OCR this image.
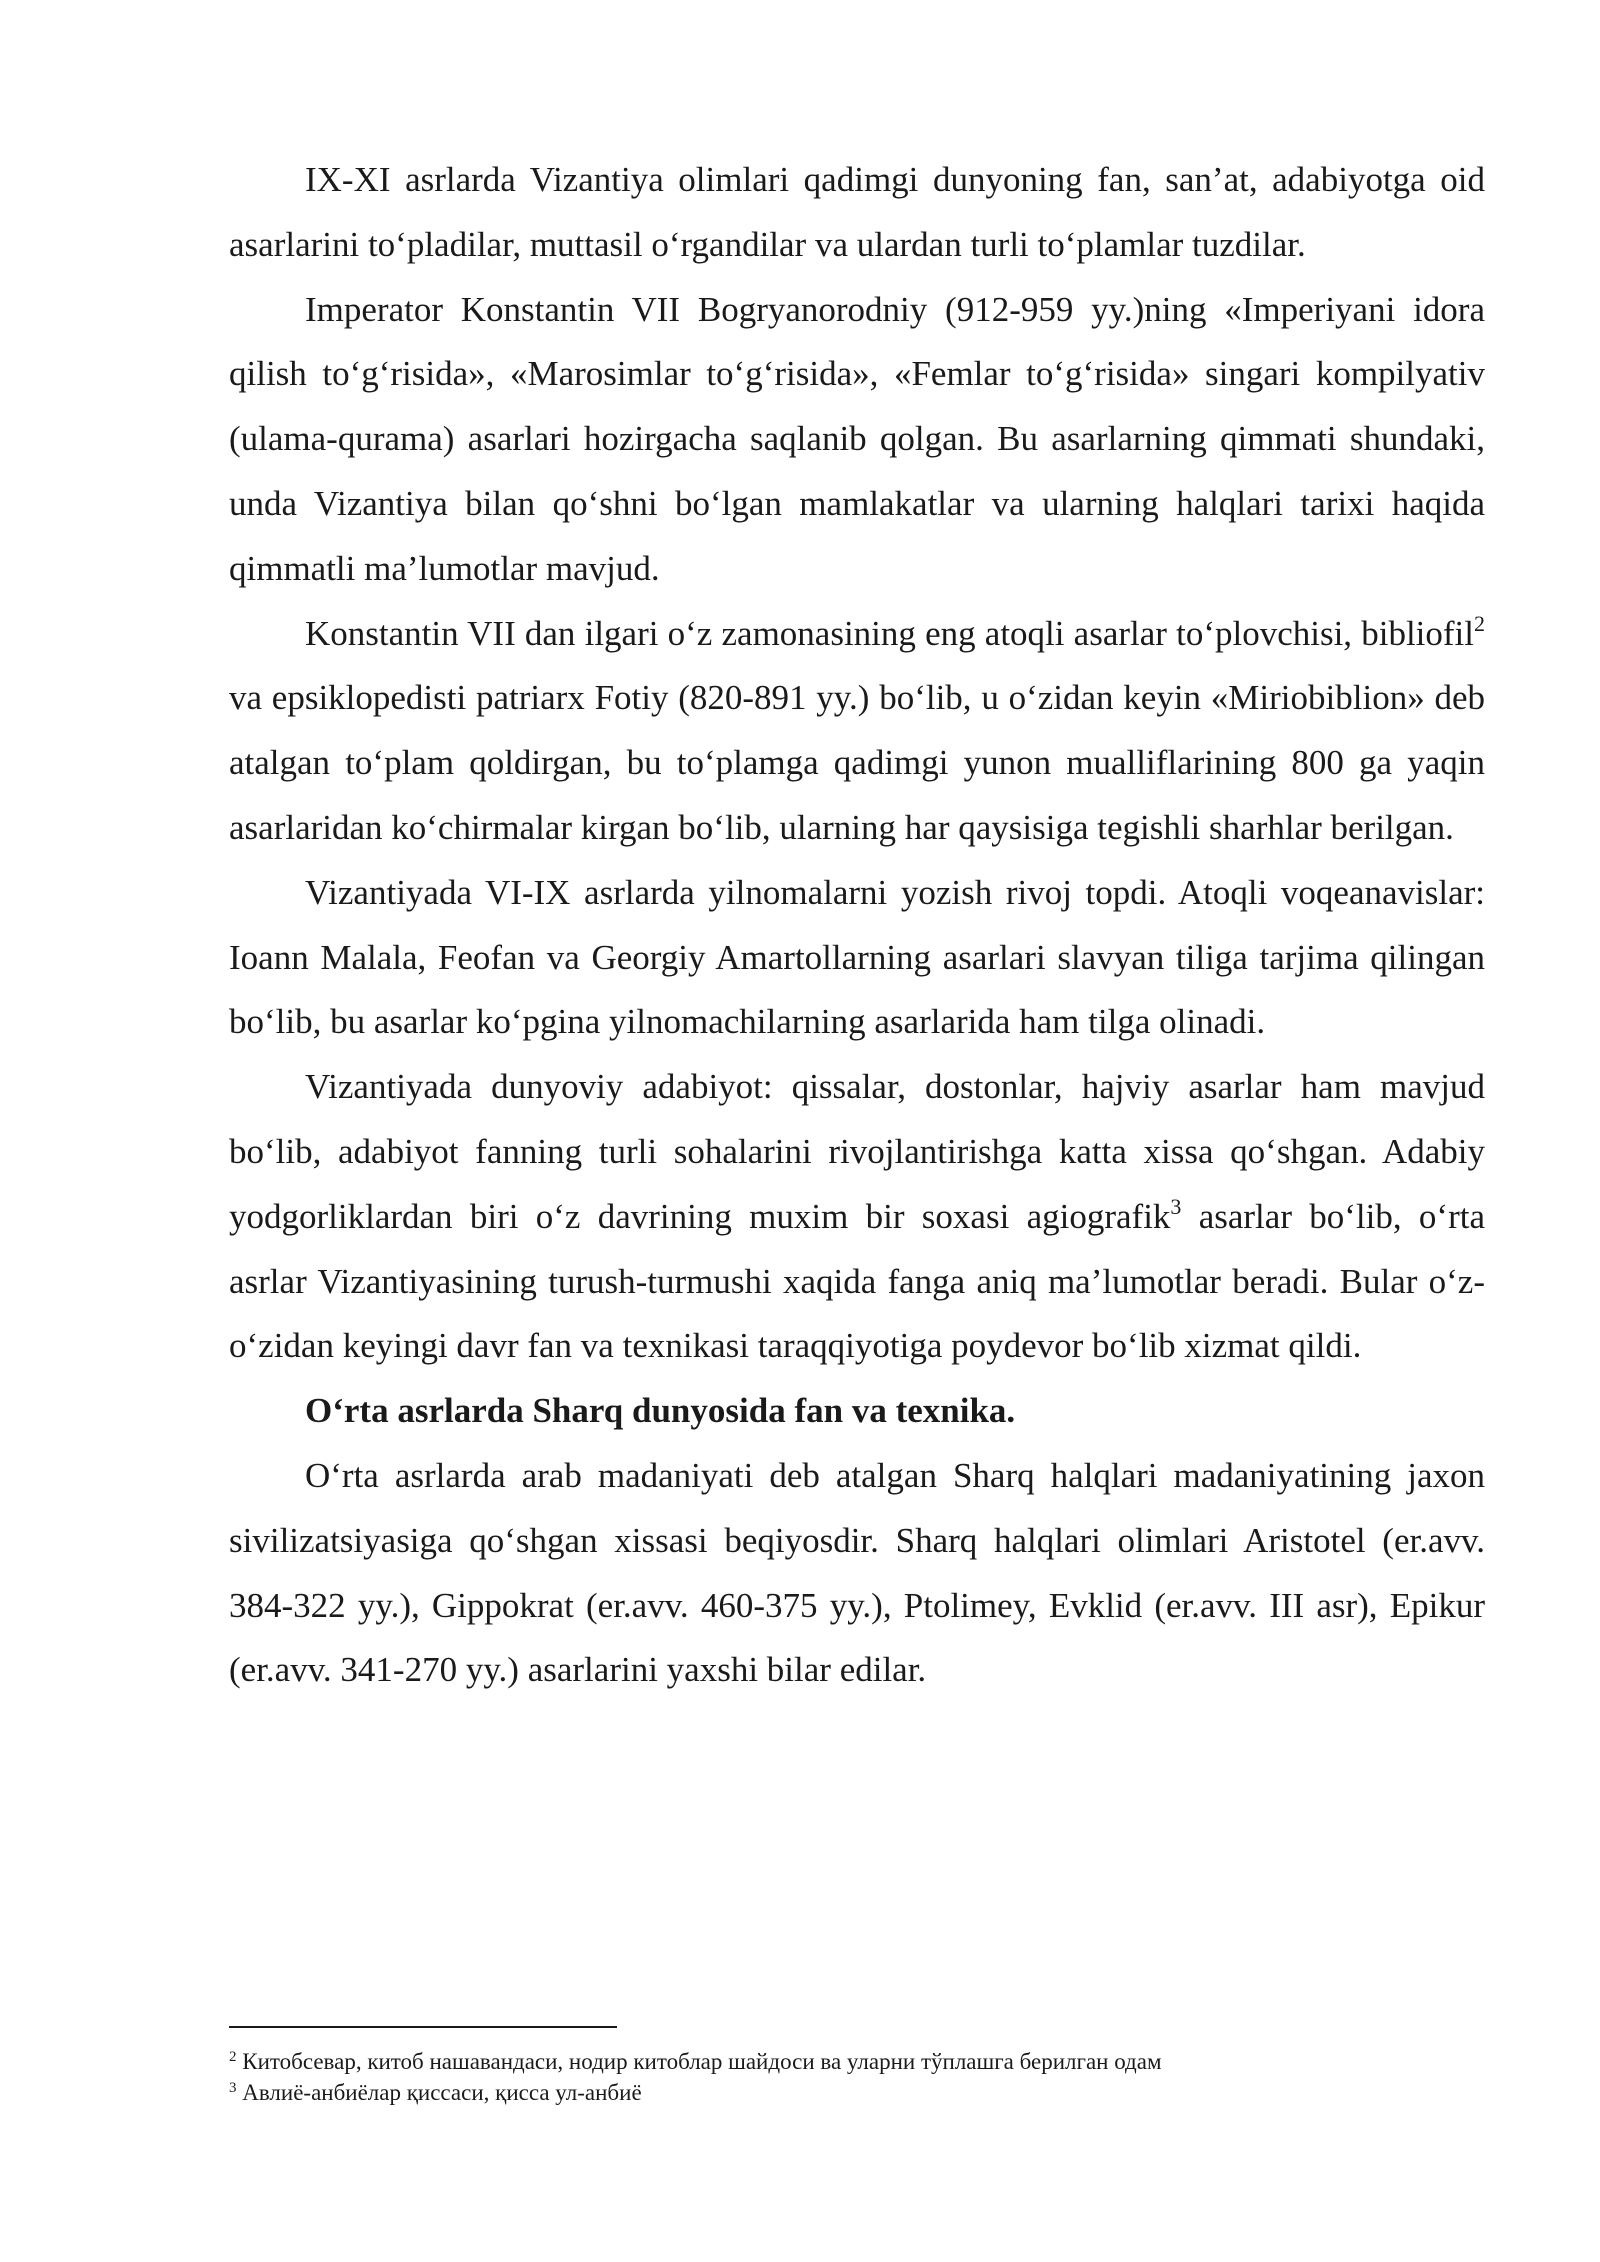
IX-XI asrlarda Vizantiya olimlari qadimgi dunyoning fan, san’at, adabiyotga oid asarlarini to‘pladilar, muttasil o‘rgandilar va ulardan turli to‘plamlar tuzdilar.

Imperator Konstantin VII Bogryanorodniy (912-959 yy.)ning «Imperiyani idora qilish to‘g‘risida», «Marosimlar to‘g‘risida», «Femlar to‘g‘risida» singari kompilyativ (ulama-qurama) asarlari hozirgacha saqlanib qolgan. Bu asarlarning qimmati shundaki, unda Vizantiya bilan qo‘shni bo‘lgan mamlakatlar va ularning halqlari tarixi haqida qimmatli ma’lumotlar mavjud.

Konstantin VII dan ilgari o‘z zamonasining eng atoqli asarlar to‘plovchisi, bibliofil$^2$ va epsiklopedisti patriarx Fotiy (820-891 yy.) bo‘lib, u o‘zidan keyin «Miriobiblion» deb atalgan to‘plam qoldirgan, bu to‘plamga qadimgi yunon mualliflarining 800 ga yaqin asarlaridan ko‘chirmalar kirgan bo‘lib, ularning har qaysisiga tegishli sharhlar berilgan.

Vizantiyada VI-IX asrlarda yilnomalarni yozish rivoj topdi. Atoqli voqeanavislar: Ioann Malala, Feofan va Georgiy Amartollarning asarlari slavyan tiliga tarjima qilingan bo‘lib, bu asarlar ko‘pgina yilnomachilarning asarlarida ham tilga olinadi.

Vizantiyada dunyoviy adabiyot: qissalar, dostonlar, hajviy asarlar ham mavjud bo‘lib, adabiyot fanning turli sohalarini rivojlantirishga katta xissa qo‘shgan. Adabiy yodgorliklardan biri o‘z davrining muxim bir soxasi agiografik$^3$ asarlar bo‘lib, o‘rta asrlar Vizantiyasining turush-turmushi xaqida fanga aniq ma’lumotlar beradi. Bular o‘z-o‘zidan keyingi davr fan va texnikasi taraqqiyotiga poydevor bo‘lib xizmat qildi.

O‘rta asrlarda Sharq dunyosida fan va texnika.

O‘rta asrlarda arab madaniyati deb atalgan Sharq halqlari madaniyatining jaxon sivilizatsiyasiga qo‘shgan xissasi beqiyosdir. Sharq halqlari olimlari Aristotel (er.avv. 384-322 yy.), Gippokrat (er.avv. 460-375 yy.), Ptolimey, Evklid (er.avv. III asr), Epikur (er.avv. 341-270 yy.) asarlarini yaxshi bilar edilar.

$^2$ Китобсевар, китоб нашавандаси, нодир китоблар шайдоси ва уларни тўплашга берилган одам

$^3$ Авлиё-анбиёлар қиссаси, қисса ул-анбиё
